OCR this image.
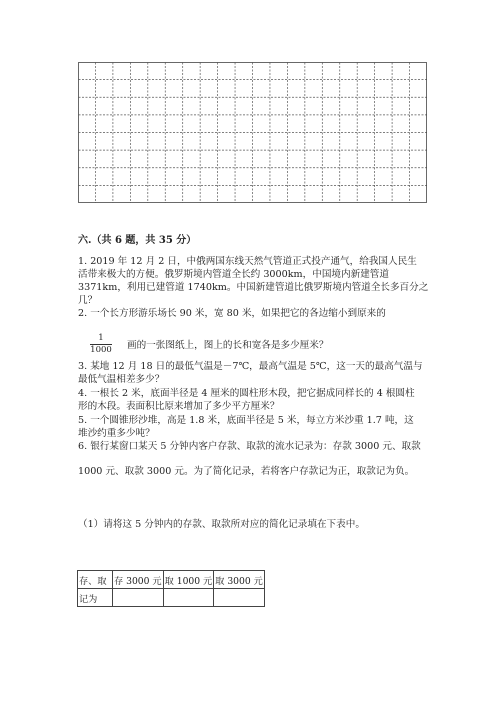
六.（共 6 题，共 35 分）
1. 2019 年 12 月 2 日，中俄两国东线天然气管道正式投产通气，给我国人民生
活带来极大的方便。俄罗斯境内管道全长约 3000km，中国境内新建管道
3371km，利用已建管道 1740km。中国新建管道比俄罗斯境内管道全长多百分之
几？
2. 一个长方形游乐场长 90 米，宽 80 米，如果把它的各边缩小到原来的
$\frac{1}{1000}$ 画的一张图纸上，图上的长和宽各是多少厘米？
3. 某地 12 月 18 日的最低气温是－7℃，最高气温是 5℃，这一天的最高气温与
最低气温相差多少？
4. 一根长 2 米，底面半径是 4 厘米的圆柱形木段，把它据成同样长的 4 根圆柱
形的木段。表面积比原来增加了多少平方厘米？
5. 一个圆锥形沙堆，高是 1.8 米，底面半径是 5 米，每立方米沙重 1.7 吨，这
堆沙约重多少吨？
6. 银行某窗口某天 5 分钟内客户存款、取款的流水记录为：存款 3000 元、取款
1000 元、取款 3000 元。为了简化记录，若将客户存款记为正，取款记为负。
（1）请将这 5 分钟内的存款、取款所对应的简化记录填在下表中。
存、取	存 3000 元	取 1000 元	取 3000 元
记为			
